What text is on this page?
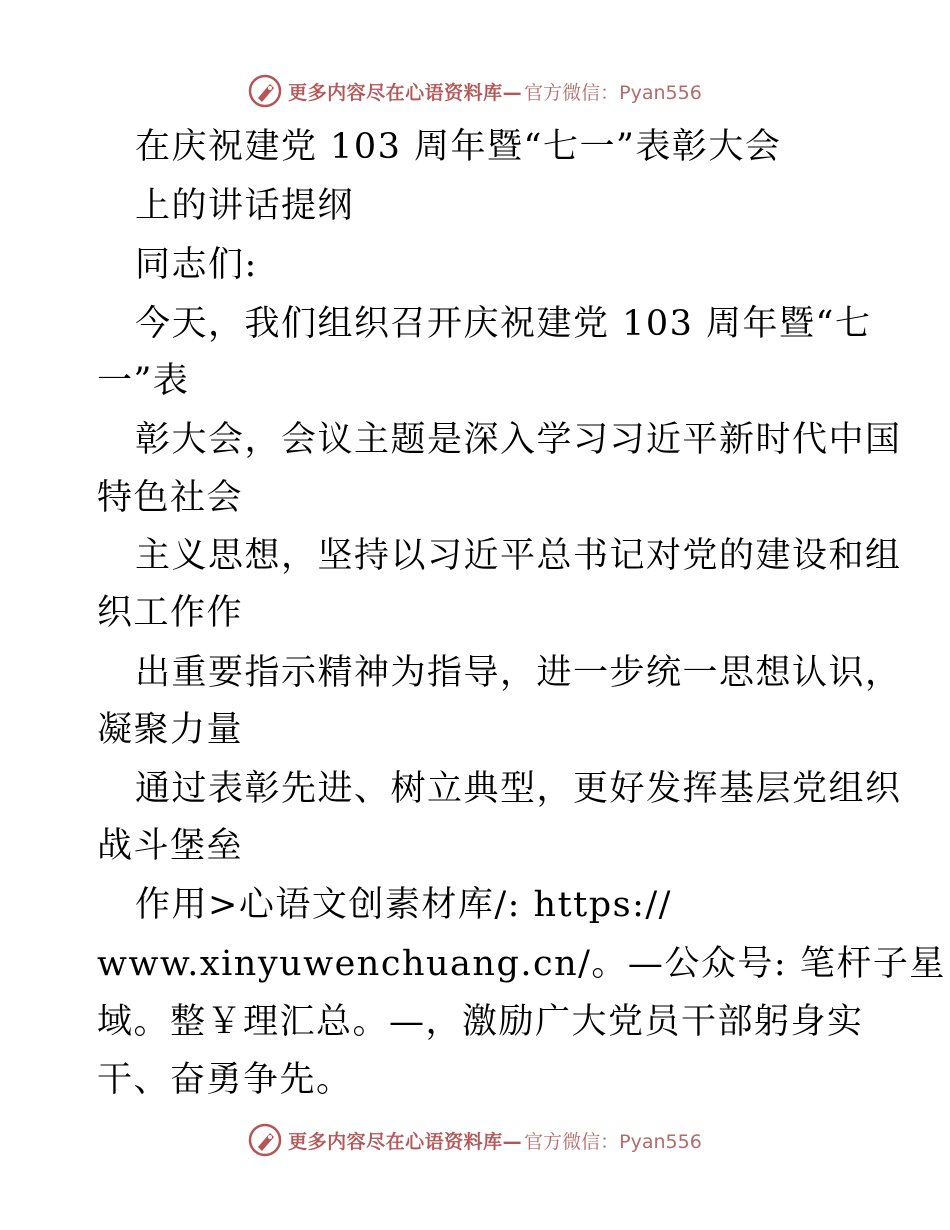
更多内容尽在心语资料库— 官方微信：Pyan556
在庆祝建党 103 周年暨“七一”表彰大会
上的讲话提纲
同志们:
今天，我们组织召开庆祝建党 103 周年暨“七
一”表
彰大会，会议主题是深入学习习近平新时代中国
特色社会
主义思想，坚持以习近平总书记对党的建设和组
织工作作
出重要指示精神为指导，进一步统一思想认识，
凝聚力量
通过表彰先进、树立典型，更好发挥基层党组织
战斗堡垒
作用>心语文创素材库/: https://
www.xinyuwenchuang.cn/。—公众号: 笔杆子星
域。整￥理汇总。—，激励广大党员干部躬身实
干、奋勇争先。
更多内容尽在心语资料库— 官方微信：Pyan556
